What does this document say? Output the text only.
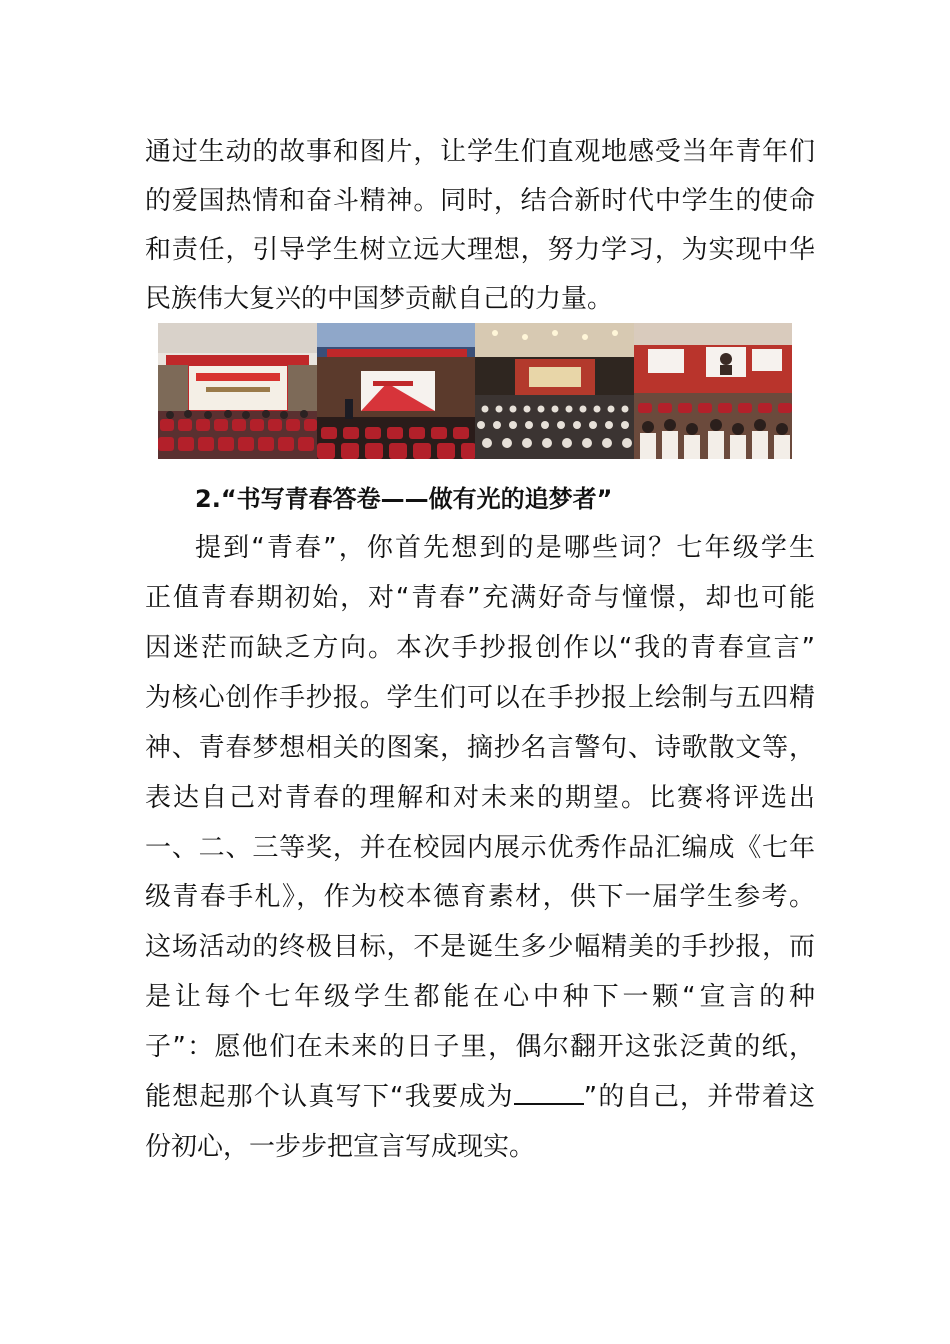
通过生动的故事和图片，让学生们直观地感受当年青年们
的爱国热情和奋斗精神。同时，结合新时代中学生的使命
和责任，引导学生树立远大理想，努力学习，为实现中华
民族伟大复兴的中国梦贡献自己的力量。
2.“书写青春答卷——做有光的追梦者”
提到“青春”，你首先想到的是哪些词？七年级学生
正值青春期初始，对“青春”充满好奇与憧憬，却也可能
因迷茫而缺乏方向。本次手抄报创作以“我的青春宣言”
为核心创作手抄报。学生们可以在手抄报上绘制与五四精
神、青春梦想相关的图案，摘抄名言警句、诗歌散文等，
表达自己对青春的理解和对未来的期望。比赛将评选出
一、二、三等奖，并在校园内展示优秀作品汇编成《七年
级青春手札》，作为校本德育素材，供下一届学生参考。
这场活动的终极目标，不是诞生多少幅精美的手抄报，而
是让每个七年级学生都能在心中种下一颗“宣言的种
子”：愿他们在未来的日子里，偶尔翻开这张泛黄的纸，
能想起那个认真写下“我要成为	”的自己，并带着这
份初心，一步步把宣言写成现实。
